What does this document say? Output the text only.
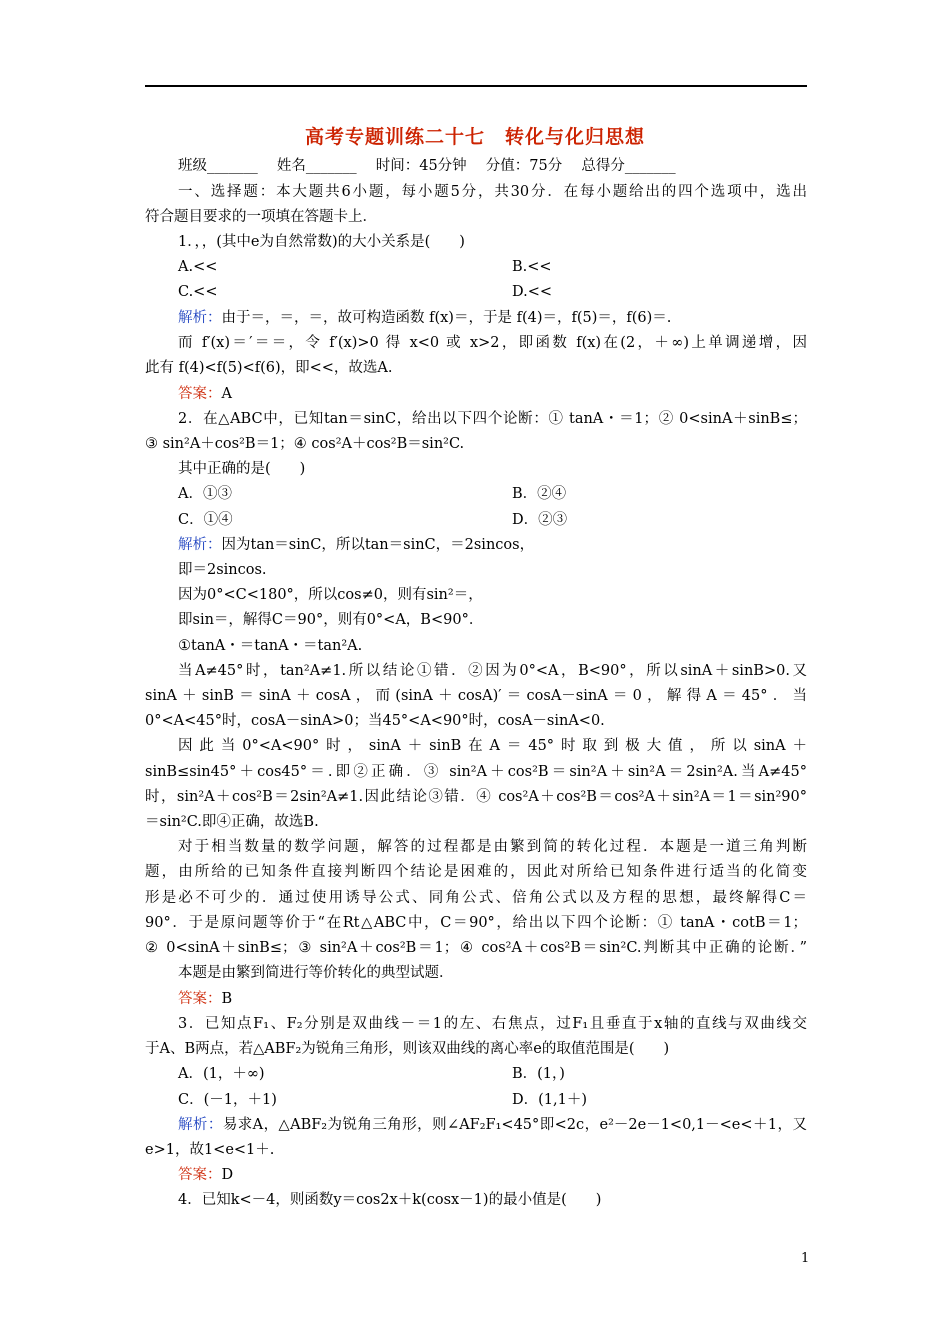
高考专题训练二十七　转化与化归思想
班级_______　 姓名_______　 时间：45分钟　 分值：75分　 总得分_______
一、选择题：本大题共6小题，每小题5分，共30分．在每小题给出的四个选项中，选出
符合题目要求的一项填在答题卡上．
1．，，(其中e为自然常数)的大小关系是(　　)
A.<<	B.<<
C.<<	D.<<
解析：由于＝，＝，＝，故可构造函数 f(x)＝，于是 f(4)＝，f(5)＝，f(6)＝.
而 f′(x)＝′＝＝，令 f′(x)>0 得 x<0 或 x>2，即函数 f(x)在(2，＋∞)上单调递增，因
此有 f(4)<f(5)<f(6)，即<<，故选A.
答案：A
2．在△ABC中，已知tan＝sinC，给出以下四个论断：① tanA・＝1；② 0<sinA＋sinB≤；
③ sin²A＋cos²B＝1；④ cos²A＋cos²B＝sin²C.
其中正确的是(　　)
A．①③	B．②④
C．①④	D．②③
解析：因为tan＝sinC，所以tan＝sinC，＝2sincos，
即＝2sincos.
因为0°<C<180°，所以cos≠0，则有sin²＝，
即sin＝，解得C＝90°，则有0°<A，B<90°．
①tanA・＝tanA・＝tan²A.
当A≠45°时，tan²A≠1.所以结论①错．②因为0°<A，B<90°，所以sinA＋sinB>0.又
sinA＋sinB＝sinA＋cosA，而(sinA＋cosA)′＝cosA－sinA＝0，解得A＝45°．当
0°<A<45°时，cosA－sinA>0；当45°<A<90°时，cosA－sinA<0.
因此当0°<A<90°时，sinA＋sinB在A＝45°时取到极大值，所以sinA＋
sinB≤sin45°＋cos45°＝.即②正确．③ sin²A＋cos²B＝sin²A＋sin²A＝2sin²A.当A≠45°
时，sin²A＋cos²B＝2sin²A≠1.因此结论③错．④ cos²A＋cos²B＝cos²A＋sin²A＝1＝sin²90°
＝sin²C.即④正确，故选B.
对于相当数量的数学问题，解答的过程都是由繁到简的转化过程．本题是一道三角判断
题，由所给的已知条件直接判断四个结论是困难的，因此对所给已知条件进行适当的化简变
形是必不可少的．通过使用诱导公式、同角公式、倍角公式以及方程的思想，最终解得C＝
90°．于是原问题等价于“在Rt△ABC中，C＝90°，给出以下四个论断：① tanA・cotB＝1；
② 0<sinA＋sinB≤；③ sin²A＋cos²B＝1；④ cos²A＋cos²B＝sin²C.判断其中正确的论断．”
本题是由繁到简进行等价转化的典型试题．
答案：B
3．已知点F₁、F₂分别是双曲线－＝1的左、右焦点，过F₁且垂直于x轴的直线与双曲线交
于A、B两点，若△ABF₂为锐角三角形，则该双曲线的离心率e的取值范围是(　　)
A．(1，＋∞)	B．(1，)
C．(－1，＋1)	D．(1,1＋)
解析：易求A，△ABF₂为锐角三角形，则∠AF₂F₁<45°即<2c，e²－2e－1<0,1－<e<＋1，又
e>1，故1<e<1＋.
答案：D
4．已知k<－4，则函数y＝cos2x＋k(cosx－1)的最小值是(　　)
1
